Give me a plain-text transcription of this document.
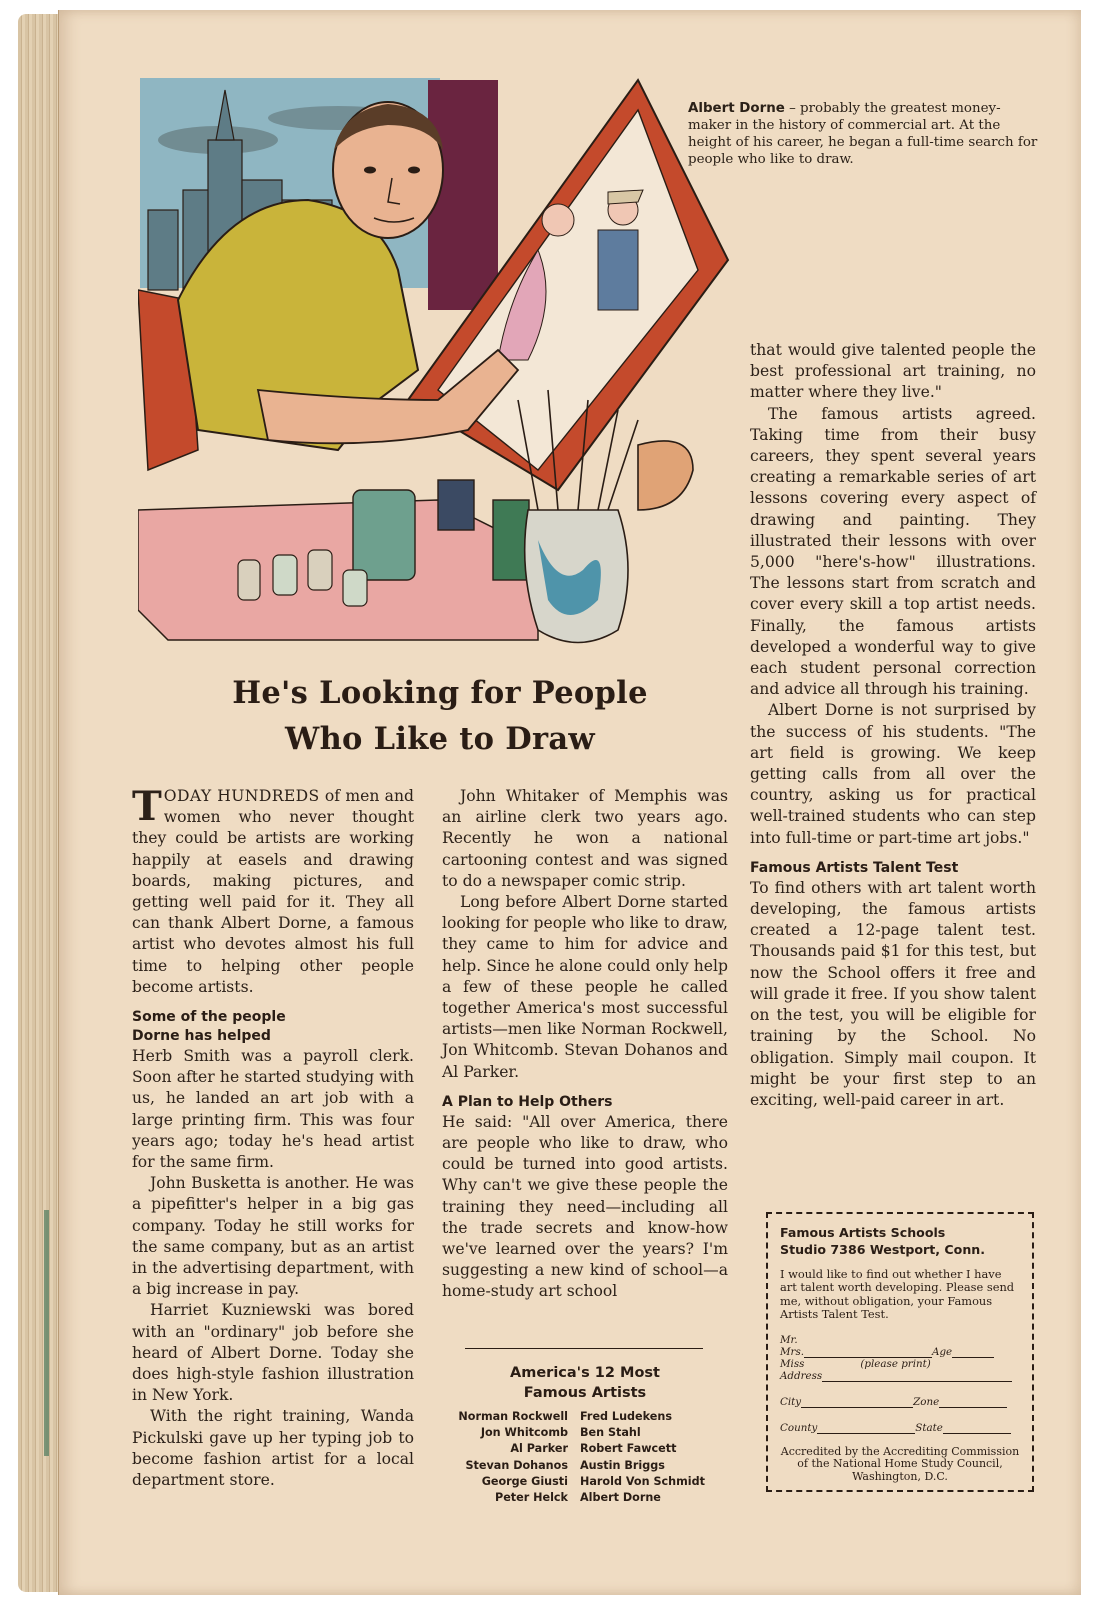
Albert Dorne – probably the greatest money-maker in the history of commercial art. At the height of his career, he began a full-time search for people who like to draw.
He's Looking for People
Who Like to Draw

TODAY HUNDREDS of men and women who never thought they could be artists are working happily at easels and drawing boards, making pictures, and getting well paid for it. They all can thank Albert Dorne, a famous artist who devotes almost his full time to helping other people become artists.

Some of the people
Dorne has helped

Herb Smith was a payroll clerk. Soon after he started studying with us, he landed an art job with a large printing firm. This was four years ago; today he's head artist for the same firm.

John Busketta is another. He was a pipefitter's helper in a big gas company. Today he still works for the same company, but as an artist in the advertising department, with a big increase in pay.

Harriet Kuzniewski was bored with an "ordinary" job before she heard of Albert Dorne. Today she does high-style fashion illustration in New York.

With the right training, Wanda Pickulski gave up her typing job to become fashion artist for a local department store.

John Whitaker of Memphis was an airline clerk two years ago. Recently he won a national cartooning contest and was signed to do a newspaper comic strip.

Long before Albert Dorne started looking for people who like to draw, they came to him for advice and help. Since he alone could only help a few of these people he called together America's most successful artists—men like Norman Rockwell, Jon Whitcomb. Stevan Dohanos and Al Parker.

A Plan to Help Others

He said: "All over America, there are people who like to draw, who could be turned into good artists. Why can't we give these people the training they need—including all the trade secrets and know-how we've learned over the years? I'm suggesting a new kind of school—a home-study art school

that would give talented people the best professional art training, no matter where they live."

The famous artists agreed. Taking time from their busy careers, they spent several years creating a remarkable series of art lessons covering every aspect of drawing and painting. They illustrated their lessons with over 5,000 "here's-how" illustrations. The lessons start from scratch and cover every skill a top artist needs. Finally, the famous artists developed a wonderful way to give each student personal correction and advice all through his training.

Albert Dorne is not surprised by the success of his students. "The art field is growing. We keep getting calls from all over the country, asking us for practical well-trained students who can step into full-time or part-time art jobs."

Famous Artists Talent Test

To find others with art talent worth developing, the famous artists created a 12-page talent test. Thousands paid $1 for this test, but now the School offers it free and will grade it free. If you show talent on the test, you will be eligible for training by the School. No obligation. Simply mail coupon. It might be your first step to an exciting, well-paid career in art.

America's 12 Most
Famous Artists
Norman Rockwell	Fred Ludekens
Jon Whitcomb	Ben Stahl
Al Parker	Robert Fawcett
Stevan Dohanos	Austin Briggs
George Giusti	Harold Von Schmidt
Peter Helck	Albert Dorne
Famous Artists Schools
Studio 7386 Westport, Conn.
I would like to find out whether I have art talent worth developing. Please send me, without obligation, your Famous Artists Talent Test.
Mr.
Mrs.	Age
Miss	(please print)
Address
City	Zone
County	State
Accredited by the Accrediting Commission of the National Home Study Council, Washington, D.C.
